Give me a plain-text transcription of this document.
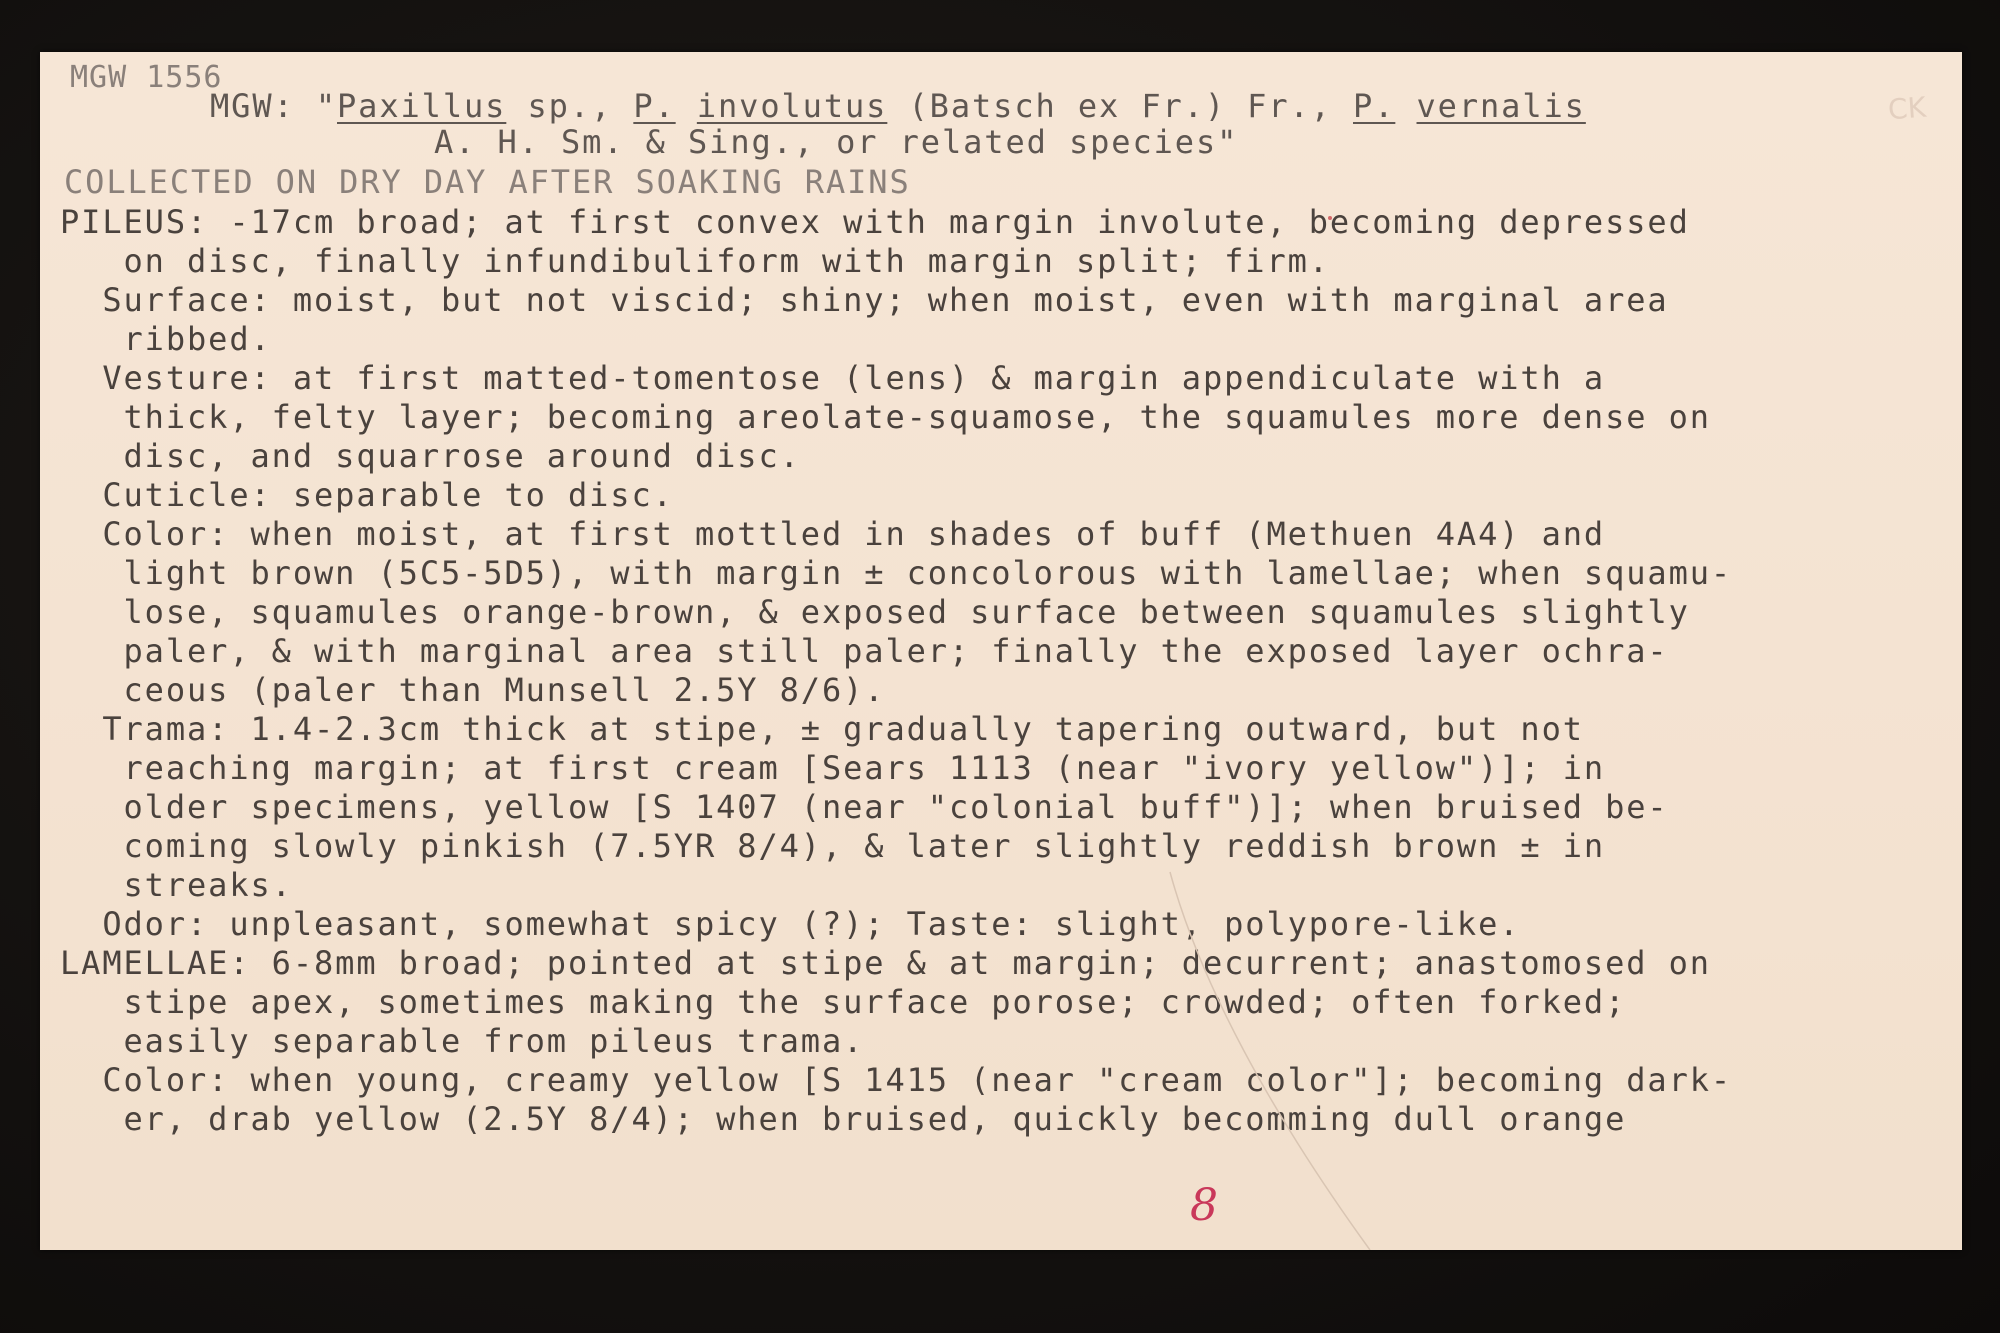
MGW 1556
CK
MGW: "Paxillus sp., P. involutus (Batsch ex Fr.) Fr., P. vernalis
A. H. Sm. & Sing., or related species"
COLLECTED ON DRY DAY AFTER SOAKING RAINS
PILEUS: -17cm broad; at first convex with margin involute, becoming depressed
on disc, finally infundibuliform with margin split; firm.
Surface: moist, but not viscid; shiny; when moist, even with marginal area
ribbed.
Vesture: at first matted-tomentose (lens) & margin appendiculate with a
thick, felty layer; becoming areolate-squamose, the squamules more dense on
disc, and squarrose around disc.
Cuticle: separable to disc.
Color: when moist, at first mottled in shades of buff (Methuen 4A4) and
light brown (5C5-5D5), with margin ± concolorous with lamellae; when squamu-
lose, squamules orange-brown, & exposed surface between squamules slightly
paler, & with marginal area still paler; finally the exposed layer ochra-
ceous (paler than Munsell 2.5Y 8/6).
Trama: 1.4-2.3cm thick at stipe, ± gradually tapering outward, but not
reaching margin; at first cream [Sears 1113 (near "ivory yellow")]; in
older specimens, yellow [S 1407 (near "colonial buff")]; when bruised be-
coming slowly pinkish (7.5YR 8/4), & later slightly reddish brown ± in
streaks.
Odor: unpleasant, somewhat spicy (?); Taste: slight, polypore-like.
LAMELLAE: 6-8mm broad; pointed at stipe & at margin; decurrent; anastomosed on
stipe apex, sometimes making the surface porose; crowded; often forked;
easily separable from pileus trama.
Color: when young, creamy yellow [S 1415 (near "cream color"]; becoming dark-
er, drab yellow (2.5Y 8/4); when bruised, quickly becomming dull orange
8
